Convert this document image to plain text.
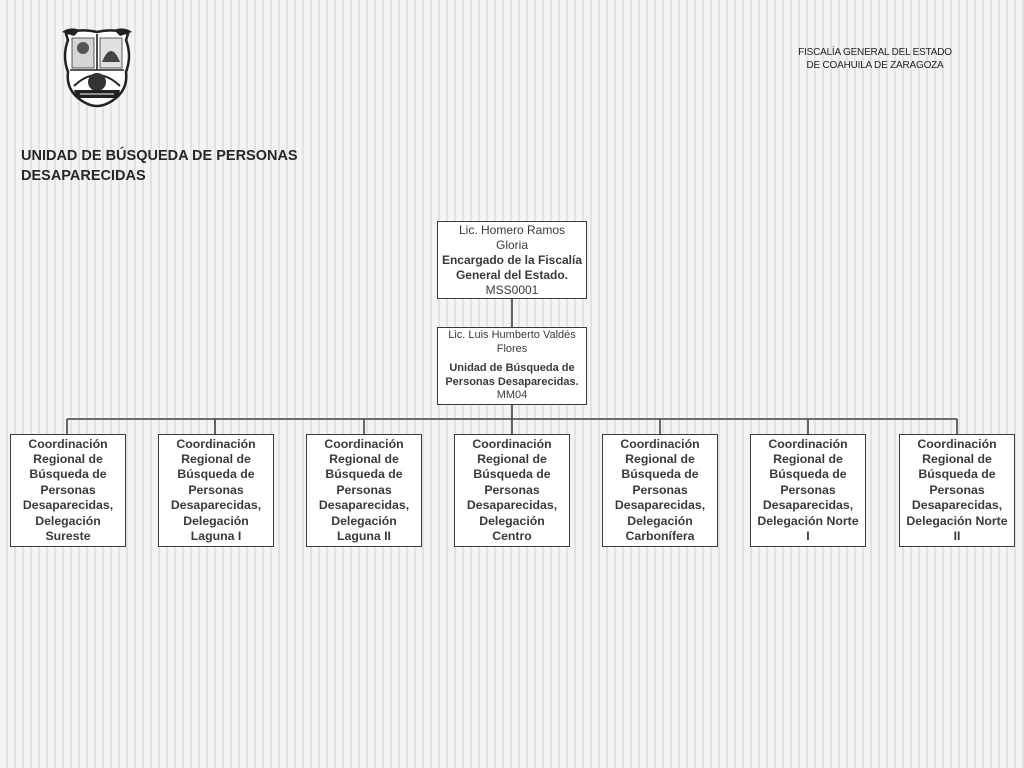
FISCALÍA GENERAL DEL ESTADO
DE COAHUILA DE ZARAGOZA
UNIDAD DE BÚSQUEDA DE PERSONAS
DESAPARECIDAS
Lic. Homero Ramos
Gloria
Encargado de la Fiscalía
General del Estado.
MSS0001
Lic. Luis Humberto Valdés
Flores
Unidad de Búsqueda de
Personas Desaparecidas.
MM04
Coordinación
Regional de
Búsqueda de
Personas
Desaparecidas,
Delegación
Sureste
Coordinación
Regional de
Búsqueda de
Personas
Desaparecidas,
Delegación
Laguna I
Coordinación
Regional de
Búsqueda de
Personas
Desaparecidas,
Delegación
Laguna II
Coordinación
Regional de
Búsqueda de
Personas
Desaparecidas,
Delegación
Centro
Coordinación
Regional de
Búsqueda de
Personas
Desaparecidas,
Delegación
Carbonífera
Coordinación
Regional de
Búsqueda de
Personas
Desaparecidas,
Delegación Norte
I
Coordinación
Regional de
Búsqueda de
Personas
Desaparecidas,
Delegación Norte
II
